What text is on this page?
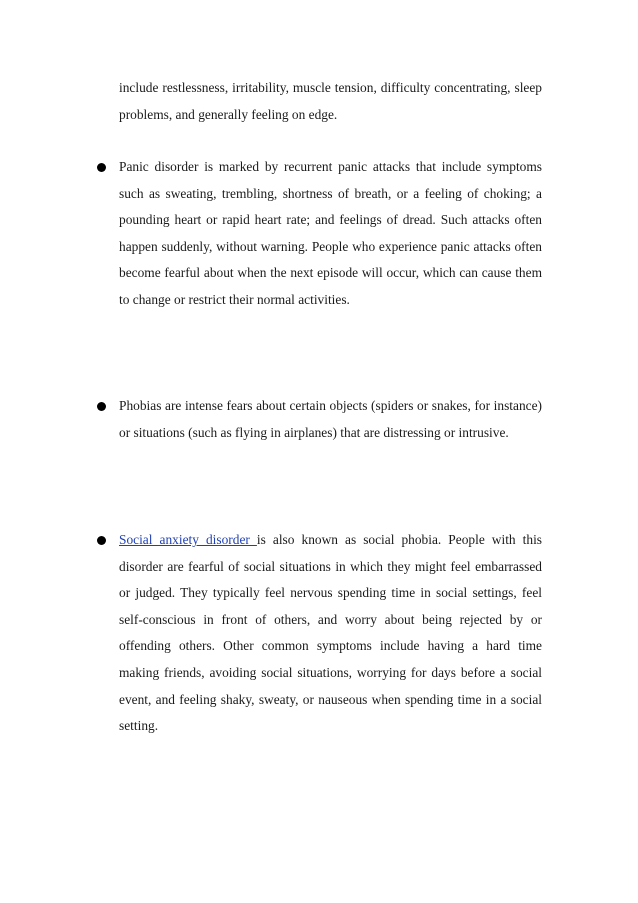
include restlessness, irritability, muscle tension, difficulty concentrating, sleep problems, and generally feeling on edge.

Panic disorder is marked by recurrent panic attacks that include symptoms such as sweating, trembling, shortness of breath, or a feeling of choking; a pounding heart or rapid heart rate; and feelings of dread. Such attacks often happen suddenly, without warning. People who experience panic attacks often become fearful about when the next episode will occur, which can cause them to change or restrict their normal activities.

Phobias are intense fears about certain objects (spiders or snakes, for instance) or situations (such as flying in airplanes) that are distressing or intrusive.

Social anxiety disorder is also known as social phobia. People with this disorder are fearful of social situations in which they might feel embarrassed or judged. They typically feel nervous spending time in social settings, feel self-conscious in front of others, and worry about being rejected by or offending others. Other common symptoms include having a hard time making friends, avoiding social situations, worrying for days before a social event, and feeling shaky, sweaty, or nauseous when spending time in a social setting.
